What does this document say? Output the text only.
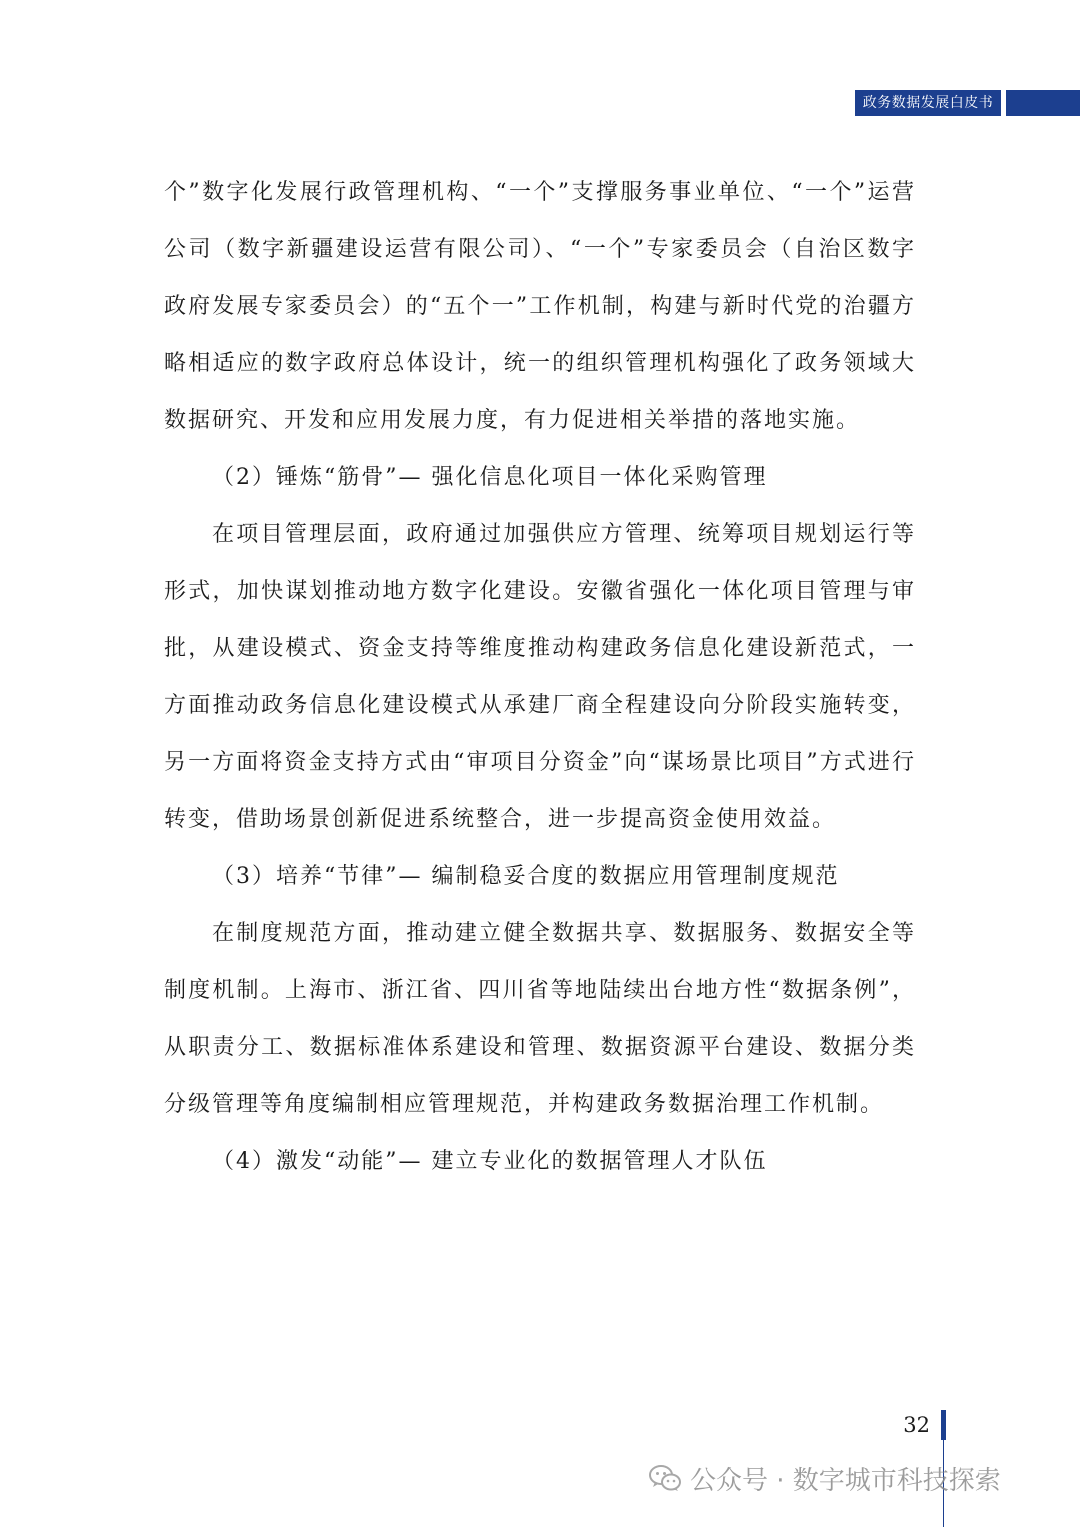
政务数据发展白皮书

个”数字化发展行政管理机构、“一个”支撑服务事业单位、“一个”运营公司（数字新疆建设运营有限公司）、“一个”专家委员会（自治区数字政府发展专家委员会）的“五个一”工作机制，构建与新时代党的治疆方略相适应的数字政府总体设计，统一的组织管理机构强化了政务领域大数据研究、开发和应用发展力度，有力促进相关举措的落地实施。

（2）锤炼“筋骨”— 强化信息化项目一体化采购管理

在项目管理层面，政府通过加强供应方管理、统筹项目规划运行等形式，加快谋划推动地方数字化建设。安徽省强化一体化项目管理与审批，从建设模式、资金支持等维度推动构建政务信息化建设新范式，一方面推动政务信息化建设模式从承建厂商全程建设向分阶段实施转变，另一方面将资金支持方式由“审项目分资金”向“谋场景比项目”方式进行转变，借助场景创新促进系统整合，进一步提高资金使用效益。

（3）培养“节律”— 编制稳妥合度的数据应用管理制度规范

在制度规范方面，推动建立健全数据共享、数据服务、数据安全等制度机制。上海市、浙江省、四川省等地陆续出台地方性“数据条例”，从职责分工、数据标准体系建设和管理、数据资源平台建设、数据分类分级管理等角度编制相应管理规范，并构建政务数据治理工作机制。

（4）激发“动能”— 建立专业化的数据管理人才队伍

32
公众号 · 数字城市科技探索
